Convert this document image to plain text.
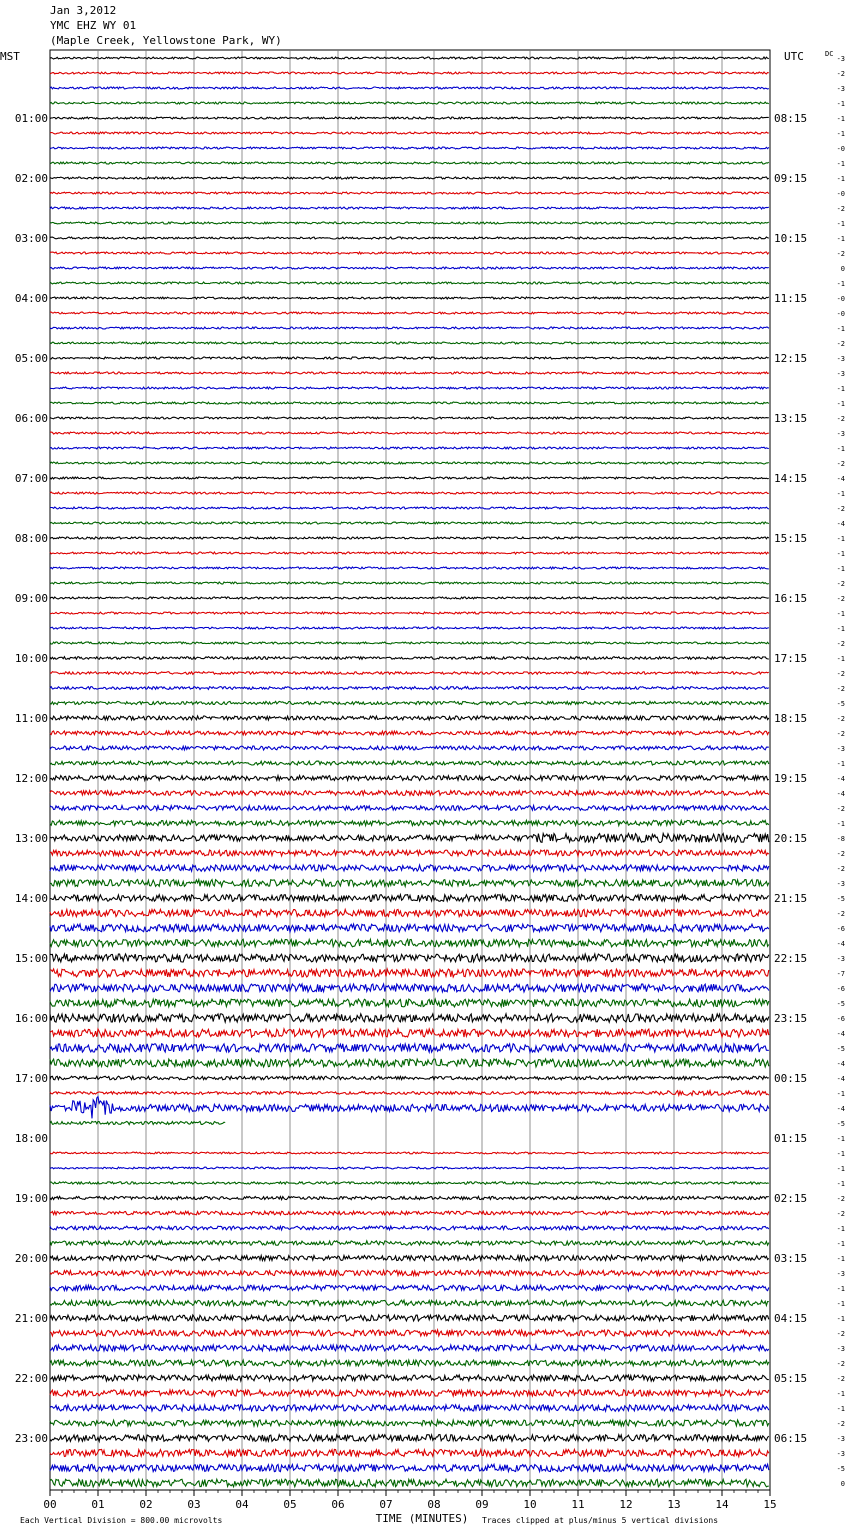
Jan 3,2012
YMC EHZ WY 01
(Maple Creek, Yellowstone Park, WY)
MST	UTC	DC
01:00
02:00
03:00
04:00
05:00
06:00
07:00
08:00
09:00
10:00
11:00
12:00
13:00
14:00
15:00
16:00
17:00
18:00
19:00
20:00
21:00
22:00
23:00
08:15
09:15
10:15
11:15
12:15
13:15
14:15
15:15
16:15
17:15
18:15
19:15
20:15
21:15
22:15
23:15
00:15
01:15
02:15
03:15
04:15
05:15
06:15
-3
-2
-3
-1
-1
-1
-0
-1
-1
-0
-2
-1
-1
-2
0
-1
-0
-0
-1
-2
-3
-3
-1
-1
-2
-3
-1
-2
-4
-1
-2
-4
-1
-1
-1
-2
-2
-1
-1
-2
-1
-2
-2
-5
-2
-2
-3
-1
-4
-4
-2
-1
-8
-2
-2
-3
-5
-2
-6
-4
-3
-7
-6
-5
-6
-4
-5
-4
-4
-1
-4
-5
-1
-1
-1
-1
-2
-2
-1
-1
-1
-3
-1
-1
-1
-2
-3
-2
-2
-1
-1
-2
-3
-3
-5
0
00	01	02	03	04	05	06	07	08	09	10	11	12	13	14	15
TIME (MINUTES)
Each Vertical Division = 800.00 microvolts	Traces clipped at plus/minus 5 vertical divisions
